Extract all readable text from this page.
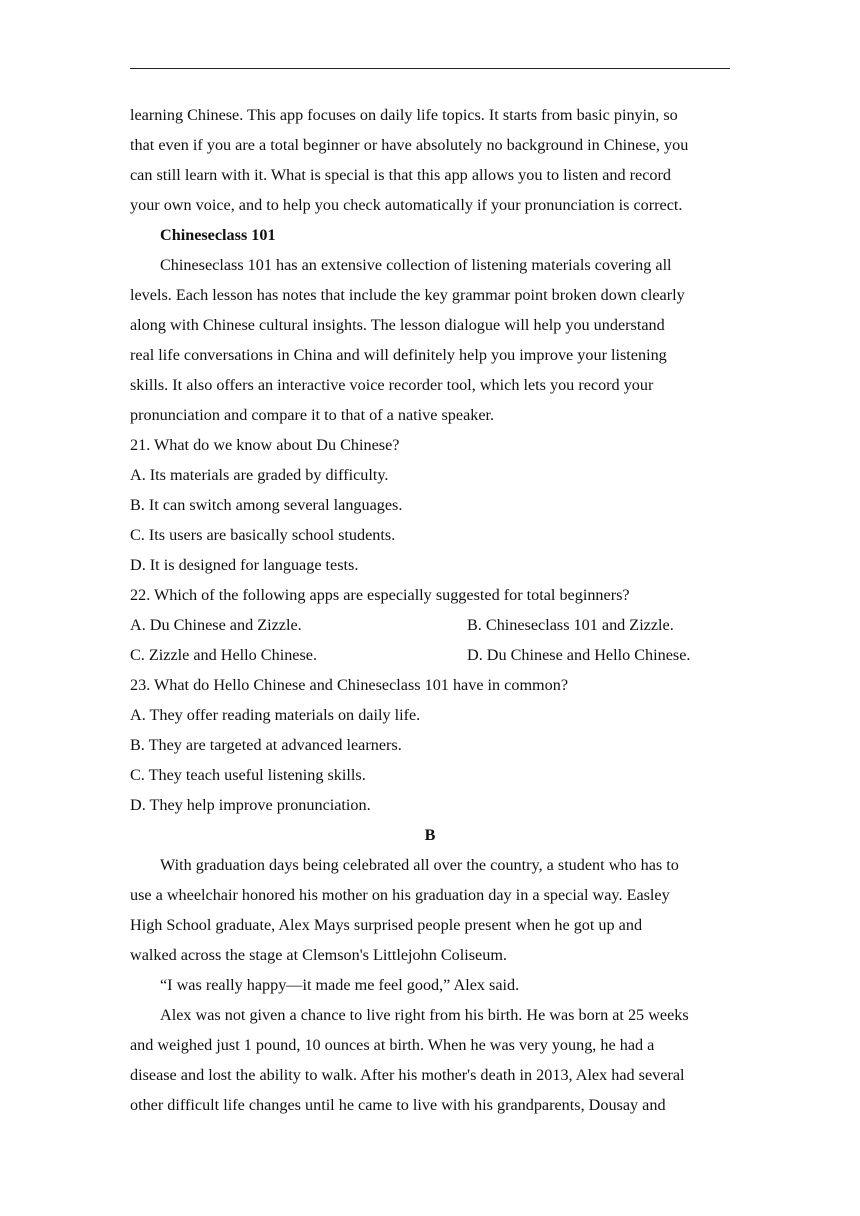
learning Chinese. This app focuses on daily life topics. It starts from basic pinyin, so

that even if you are a total beginner or have absolutely no background in Chinese, you

can still learn with it. What is special is that this app allows you to listen and record

your own voice, and to help you check automatically if your pronunciation is correct.

Chineseclass 101

Chineseclass 101 has an extensive collection of listening materials covering all

levels. Each lesson has notes that include the key grammar point broken down clearly

along with Chinese cultural insights. The lesson dialogue will help you understand

real life conversations in China and will definitely help you improve your listening

skills. It also offers an interactive voice recorder tool, which lets you record your

pronunciation and compare it to that of a native speaker.

21. What do we know about Du Chinese?

A. Its materials are graded by difficulty.

B. It can switch among several languages.

C. Its users are basically school students.

D. It is designed for language tests.

22. Which of the following apps are especially suggested for total beginners?

A. Du Chinese and Zizzle.	B. Chineseclass 101 and Zizzle.
C. Zizzle and Hello Chinese.	D. Du Chinese and Hello Chinese.

23. What do Hello Chinese and Chineseclass 101 have in common?

A. They offer reading materials on daily life.

B. They are targeted at advanced learners.

C. They teach useful listening skills.

D. They help improve pronunciation.

B

With graduation days being celebrated all over the country, a student who has to

use a wheelchair honored his mother on his graduation day in a special way. Easley

High School graduate, Alex Mays surprised people present when he got up and

walked across the stage at Clemson's Littlejohn Coliseum.

“I was really happy—it made me feel good,” Alex said.

Alex was not given a chance to live right from his birth. He was born at 25 weeks

and weighed just 1 pound, 10 ounces at birth. When he was very young, he had a

disease and lost the ability to walk. After his mother's death in 2013, Alex had several

other difficult life changes until he came to live with his grandparents, Dousay and
